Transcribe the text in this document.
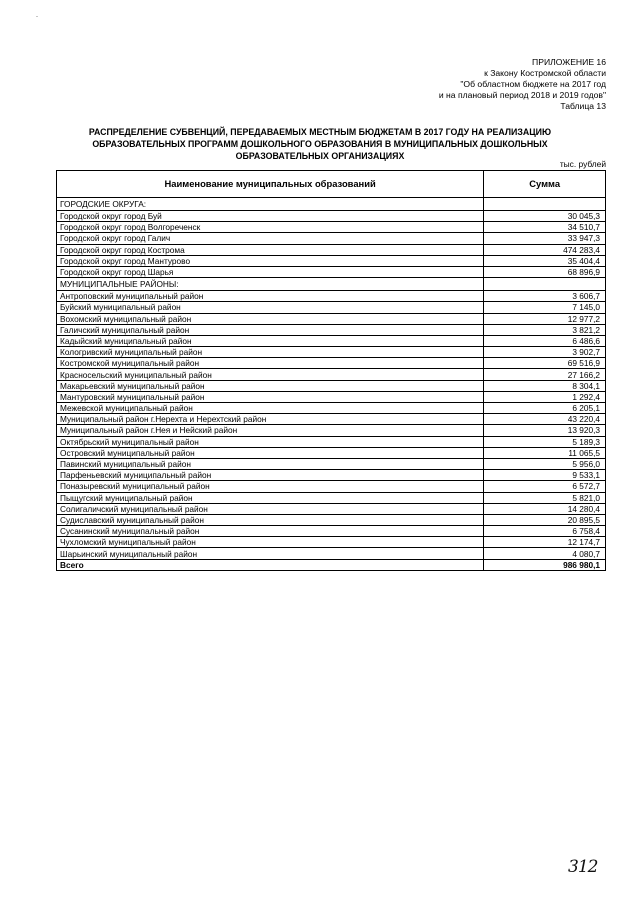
-
ПРИЛОЖЕНИЕ 16
к Закону Костромской области
"Об областном бюджете на 2017 год
и на плановый период 2018 и 2019 годов"
Таблица 13
РАСПРЕДЕЛЕНИЕ СУБВЕНЦИЙ, ПЕРЕДАВАЕМЫХ МЕСТНЫМ БЮДЖЕТАМ В 2017 ГОДУ НА РЕАЛИЗАЦИЮ
ОБРАЗОВАТЕЛЬНЫХ ПРОГРАММ ДОШКОЛЬНОГО ОБРАЗОВАНИЯ В МУНИЦИПАЛЬНЫХ ДОШКОЛЬНЫХ
ОБРАЗОВАТЕЛЬНЫХ ОРГАНИЗАЦИЯХ
тыс. рублей
Наименование муниципальных образований	Сумма
ГОРОДСКИЕ ОКРУГА:	
Городской округ город Буй	30 045,3
Городской округ город Волгореченск	34 510,7
Городской округ город Галич	33 947,3
Городской округ город Кострома	474 283,4
Городской округ город Мантурово	35 404,4
Городской округ город Шарья	68 896,9
МУНИЦИПАЛЬНЫЕ РАЙОНЫ:	
Антроповский муниципальный район	3 606,7
Буйский муниципальный район	7 145,0
Вохомский муниципальный район	12 977,2
Галичский муниципальный район	3 821,2
Кадыйский муниципальный район	6 486,6
Кологривский муниципальный район	3 902,7
Костромской муниципальный район	69 516,9
Красносельский муниципальный район	27 166,2
Макарьевский муниципальный район	8 304,1
Мантуровский муниципальный район	1 292,4
Межевской муниципальный район	6 205,1
Муниципальный район г.Нерехта и Нерехтский район	43 220,4
Муниципальный район г.Нея и Нейский район	13 920,3
Октябрьский муниципальный район	5 189,3
Островский муниципальный район	11 065,5
Павинский муниципальный район	5 956,0
Парфеньевский муниципальный район	9 533,1
Поназыревский муниципальный район	6 572,7
Пыщугский муниципальный район	5 821,0
Солигаличский муниципальный район	14 280,4
Судиславский муниципальный район	20 895,5
Сусанинский муниципальный район	6 758,4
Чухломский муниципальный район	12 174,7
Шарьинский муниципальный район	4 080,7
Всего	986 980,1
312
